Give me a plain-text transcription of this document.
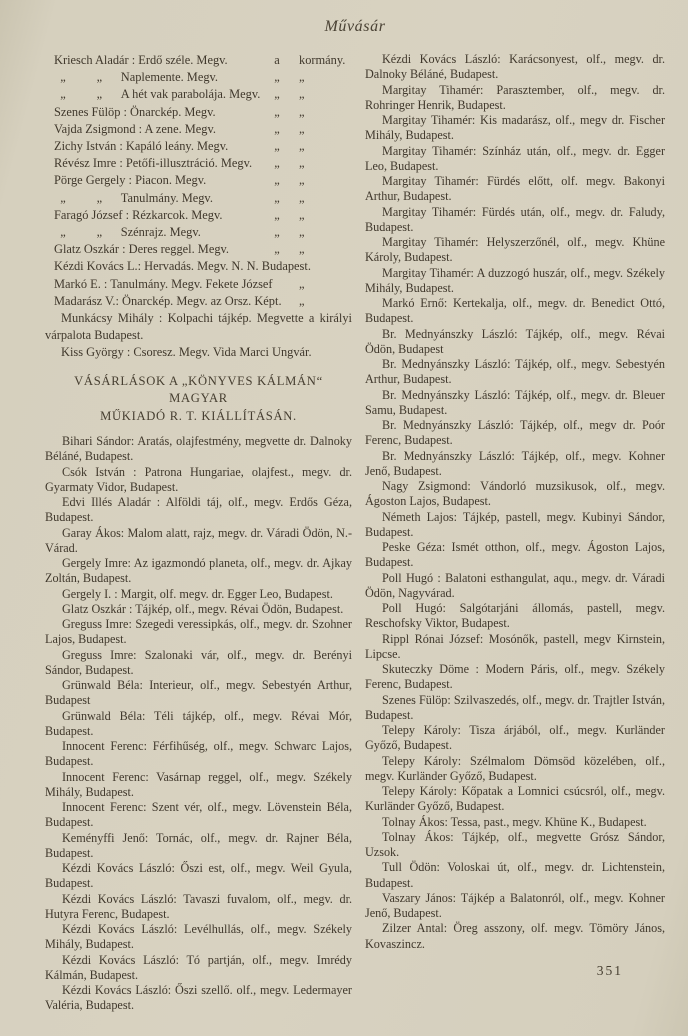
Művásár
Kriesch Aladár : Erdő széle. Megv.	a	kormány.
 „   „  Naplemente. Megv.	„	„
 „   „  A hét vak parabolája. Megv.	„	„
Szenes Fülöp : Önarckép. Megv.	„	„
Vajda Zsigmond : A zene. Megv.	„	„
Zichy István : Kapáló leány. Megv.	„	„
Révész Imre : Petőfi-illusztráció. Megv.	„	„
Pörge Gergely : Piacon. Megv.	„	„
 „   „  Tanulmány. Megv.	„	„
Faragó József : Rézkarcok. Megv.	„	„
 „   „  Szénrajz. Megv.	„	„
Glatz Oszkár : Deres reggel. Megv.	„	„
Kézdi Kovács L.: Hervadás. Megv. N. N. Budapest.
Markó E. : Tanulmány. Megv. Fekete József „
Madarász V.: Önarckép. Megv. az Orsz. Képt. „

Munkácsy Mihály : Kolpachi tájkép. Megvette a királyi várpalota Budapest.

Kiss György : Csoresz. Megv. Vida Marci Ungvár.

VÁSÁRLÁSOK A „KÖNYVES KÁLMÁN“ MAGYAR
MŰKIADÓ R. T. KIÁLLÍTÁSÁN.

Bihari Sándor: Aratás, olajfestmény, megvette dr. Dalnoky Béláné, Budapest.

Csók István : Patrona Hungariae, olajfest., megv. dr. Gyarmaty Vidor, Budapest.

Edvi Illés Aladár : Alföldi táj, olf., megv. Erdős Géza, Budapest.

Garay Ákos: Malom alatt, rajz, megv. dr. Váradi Ödön, N.-Várad.

Gergely Imre: Az igazmondó planeta, olf., megv. dr. Ajkay Zoltán, Budapest.

Gergely I. : Margit, olf. megv. dr. Egger Leo, Budapest.

Glatz Oszkár : Tájkép, olf., megv. Révai Ödön, Budapest.

Greguss Imre: Szegedi veressipkás, olf., megv. dr. Szohner Lajos, Budapest.

Greguss Imre: Szalonaki vár, olf., megv. dr. Berényi Sándor, Budapest.

Grünwald Béla: Interieur, olf., megv. Sebestyén Arthur, Budapest

Grünwald Béla: Téli tájkép, olf., megv. Révai Mór, Budapest.

Innocent Ferenc: Férfihűség, olf., megv. Schwarc Lajos, Budapest.

Innocent Ferenc: Vasárnap reggel, olf., megv. Székely Mihály, Budapest.

Innocent Ferenc: Szent vér, olf., megv. Lövenstein Béla, Budapest.

Keményffi Jenő: Tornác, olf., megv. dr. Rajner Béla, Budapest.

Kézdi Kovács László: Őszi est, olf., megv. Weil Gyula, Budapest.

Kézdi Kovács László: Tavaszi fuvalom, olf., megv. dr. Hutyra Ferenc, Budapest.

Kézdi Kovács László: Levélhullás, olf., megv. Székely Mihály, Budapest.

Kézdi Kovács László: Tó partján, olf., megv. Imrédy Kálmán, Budapest.

Kézdi Kovács László: Őszi szellő. olf., megv. Ledermayer Valéria, Budapest.

Kézdi Kovács László: Karácsonyest, olf., megv. dr. Dalnoky Béláné, Budapest.

Margitay Tihamér: Parasztember, olf., megv. dr. Rohringer Henrik, Budapest.

Margitay Tihamér: Kis madarász, olf., megv dr. Fischer Mihály, Budapest.

Margitay Tihamér: Színház után, olf., megv. dr. Egger Leo, Budapest.

Margitay Tihamér: Fürdés előtt, olf. megv. Bakonyi Arthur, Budapest.

Margitay Tihamér: Fürdés után, olf., megv. dr. Faludy, Budapest.

Margitay Tihamér: Helyszerzőnél, olf., megv. Khüne Károly, Budapest.

Margitay Tihamér: A duzzogó huszár, olf., megv. Székely Mihály, Budapest.

Markó Ernő: Kertekalja, olf., megv. dr. Benedict Ottó, Budapest.

Br. Mednyánszky László: Tájkép, olf., megv. Révai Ödön, Budapest

Br. Mednyánszky László: Tájkép, olf., megv. Sebestyén Arthur, Budapest.

Br. Mednyánszky László: Tájkép, olf., megv. dr. Bleuer Samu, Budapest.

Br. Mednyánszky László: Tájkép, olf., megv dr. Poór Ferenc, Budapest.

Br. Mednyánszky László: Tájkép, olf., megv. Kohner Jenő, Budapest.

Nagy Zsigmond: Vándorló muzsikusok, olf., megv. Ágoston Lajos, Budapest.

Németh Lajos: Tájkép, pastell, megv. Kubinyi Sándor, Budapest.

Peske Géza: Ismét otthon, olf., megv. Ágoston Lajos, Budapest.

Poll Hugó : Balatoni esthangulat, aqu., megv. dr. Váradi Ödön, Nagyvárad.

Poll Hugó: Salgótarjáni állomás, pastell, megv. Reschofsky Viktor, Budapest.

Rippl Rónai József: Mosónők, pastell, megv Kirnstein, Lipcse.

Skuteczky Döme : Modern Páris, olf., megv. Székely Ferenc, Budapest.

Szenes Fülöp: Szilvaszedés, olf., megv. dr. Trajtler István, Budapest.

Telepy Károly: Tisza árjából, olf., megv. Kurländer Győző, Budapest.

Telepy Károly: Szélmalom Dömsöd közelében, olf., megv. Kurländer Győző, Budapest.

Telepy Károly: Kőpatak a Lomnici csúcsról, olf., megv. Kurländer Győző, Budapest.

Tolnay Ákos: Tessa, past., megv. Khüne K., Budapest.

Tolnay Ákos: Tájkép, olf., megvette Grósz Sándor, Uzsok.

Tull Ödön: Voloskai út, olf., megv. dr. Lichtenstein, Budapest.

Vaszary János: Tájkép a Balatonról, olf., megv. Kohner Jenő, Budapest.

Zilzer Antal: Öreg asszony, olf. megv. Tömöry János, Kovaszincz.

351
